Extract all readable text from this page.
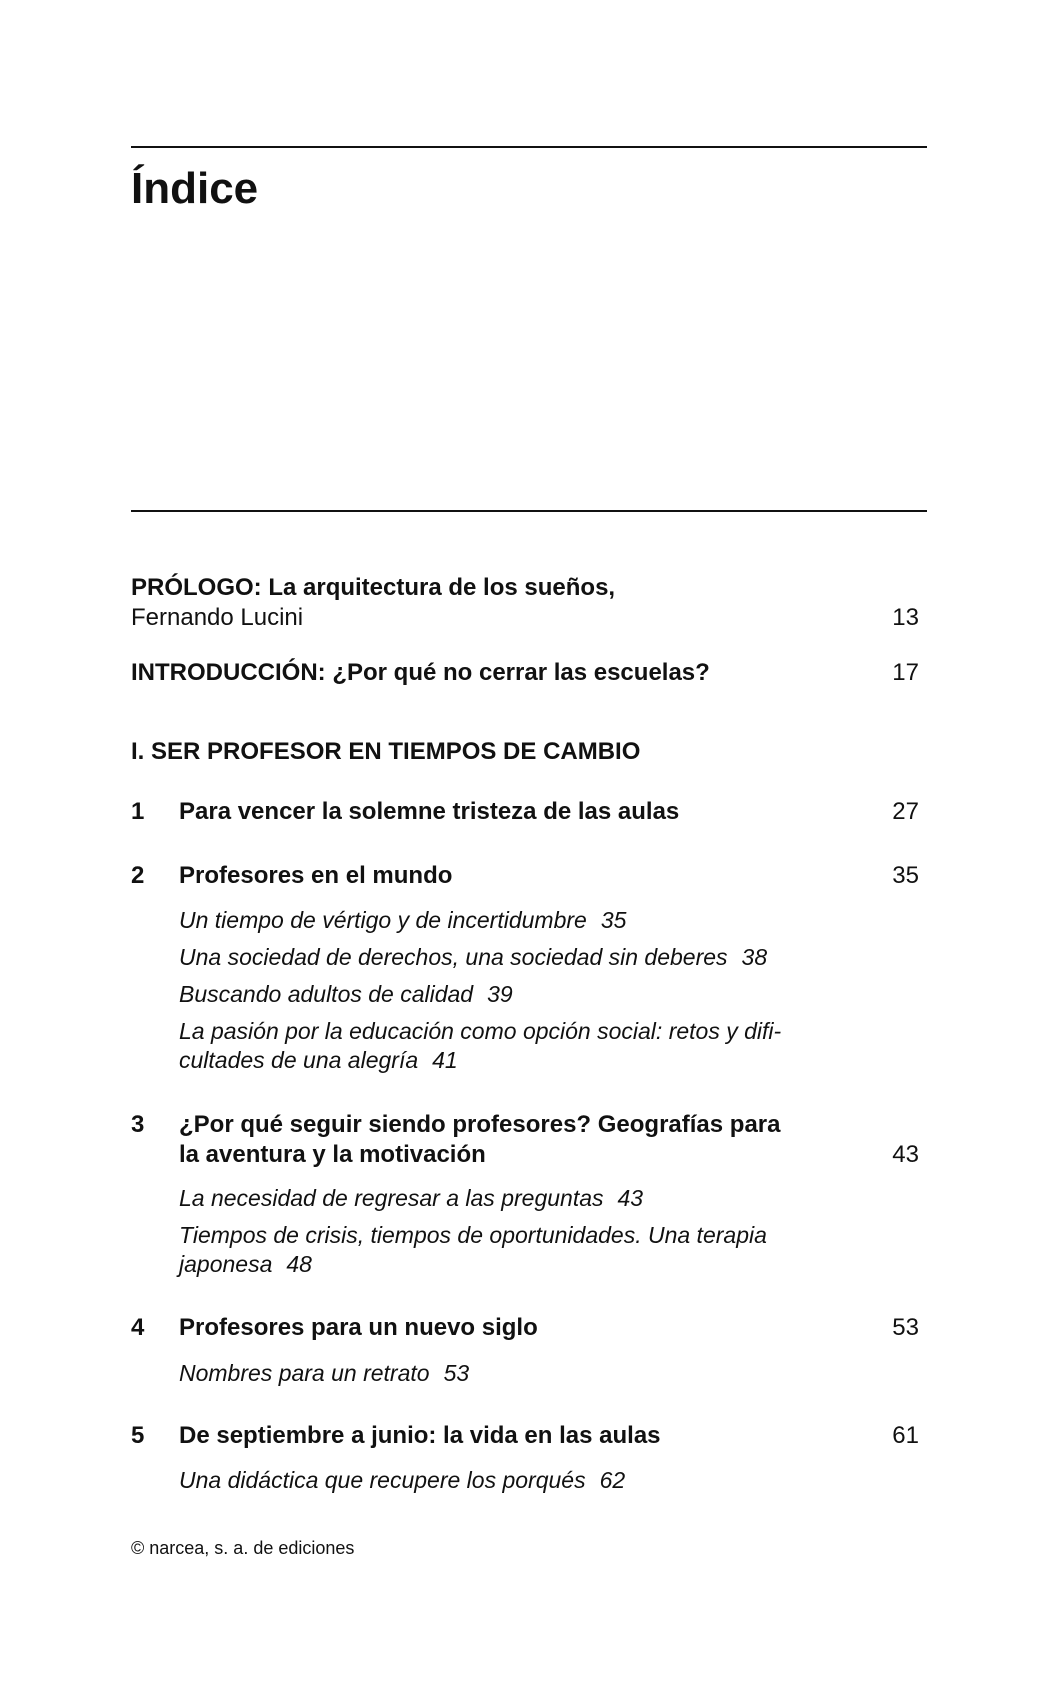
Índice
PRÓLOGO: La arquitectura de los sueños,
Fernando Lucini	13
INTRODUCCIÓN: ¿Por qué no cerrar las escuelas?	17
I. SER PROFESOR EN TIEMPOS DE CAMBIO
1	Para vencer la solemne tristeza de las aulas	27
2	Profesores en el mundo	35
Un tiempo de vértigo y de incertidumbre 35
Una sociedad de derechos, una sociedad sin deberes 38
Buscando adultos de calidad 39
La pasión por la educación como opción social: retos y difi-
cultades de una alegría 41
3	¿Por qué seguir siendo profesores? Geografías para
la aventura y la motivación	43
La necesidad de regresar a las preguntas 43
Tiempos de crisis, tiempos de oportunidades. Una terapia
japonesa 48
4	Profesores para un nuevo siglo	53
Nombres para un retrato 53
5	De septiembre a junio: la vida en las aulas	61
Una didáctica que recupere los porqués 62
© narcea, s. a. de ediciones
